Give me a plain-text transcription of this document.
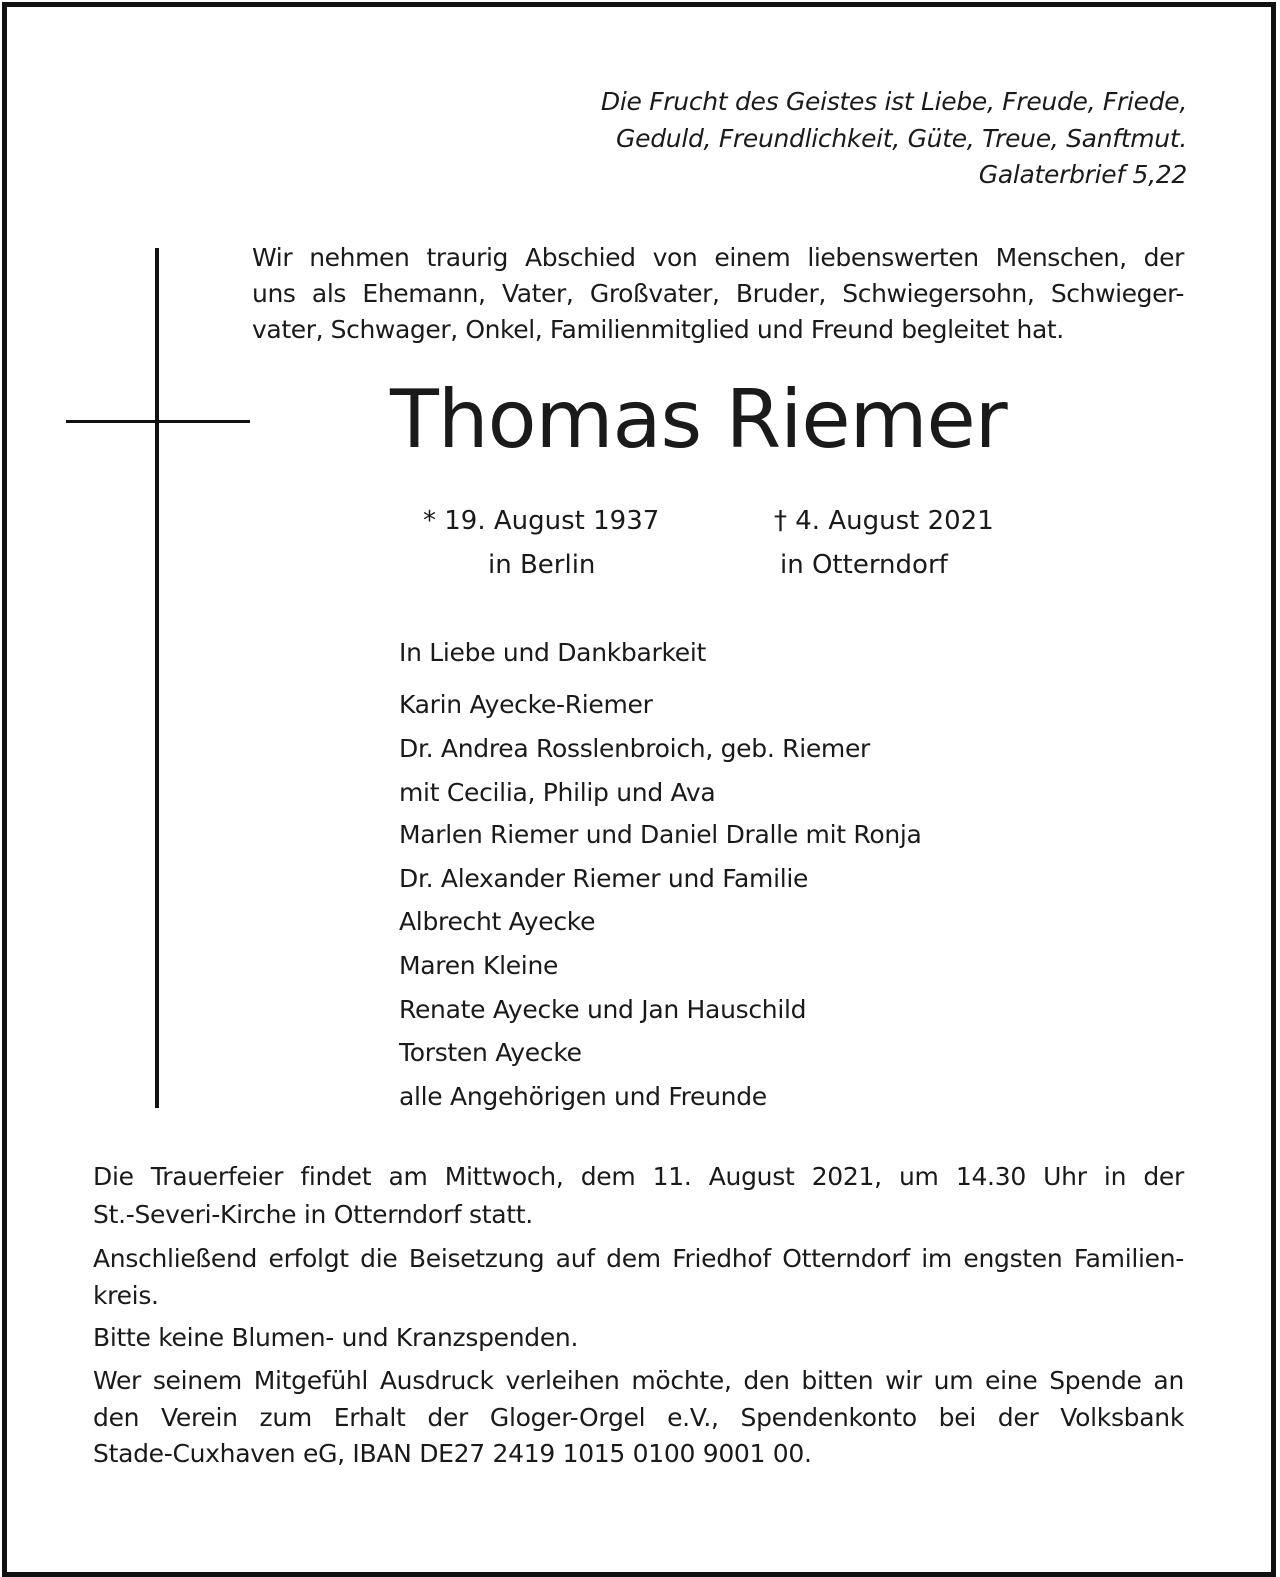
Die Frucht des Geistes ist Liebe, Freude, Friede,
Geduld, Freundlichkeit, Güte, Treue, Sanftmut.
Galaterbrief 5,22
Wir nehmen traurig Abschied von einem liebenswerten Menschen, der
uns als Ehemann, Vater, Großvater, Bruder, Schwiegersohn, Schwieger-
vater, Schwager, Onkel, Familienmitglied und Freund begleitet hat.
Thomas Riemer
* 19. August 1937
in Berlin
† 4. August 2021
in Otterndorf
In Liebe und Dankbarkeit
Karin Ayecke-Riemer
Dr. Andrea Rosslenbroich, geb. Riemer
mit Cecilia, Philip und Ava
Marlen Riemer und Daniel Dralle mit Ronja
Dr. Alexander Riemer und Familie
Albrecht Ayecke
Maren Kleine
Renate Ayecke und Jan Hauschild
Torsten Ayecke
alle Angehörigen und Freunde
Die Trauerfeier findet am Mittwoch, dem 11. August 2021, um 14.30 Uhr in der
St.-Severi-Kirche in Otterndorf statt.
Anschließend erfolgt die Beisetzung auf dem Friedhof Otterndorf im engsten Familien-
kreis.
Bitte keine Blumen- und Kranzspenden.
Wer seinem Mitgefühl Ausdruck verleihen möchte, den bitten wir um eine Spende an
den Verein zum Erhalt der Gloger-Orgel e.V., Spendenkonto bei der Volksbank
Stade-Cuxhaven eG, IBAN DE27 2419 1015 0100 9001 00.
